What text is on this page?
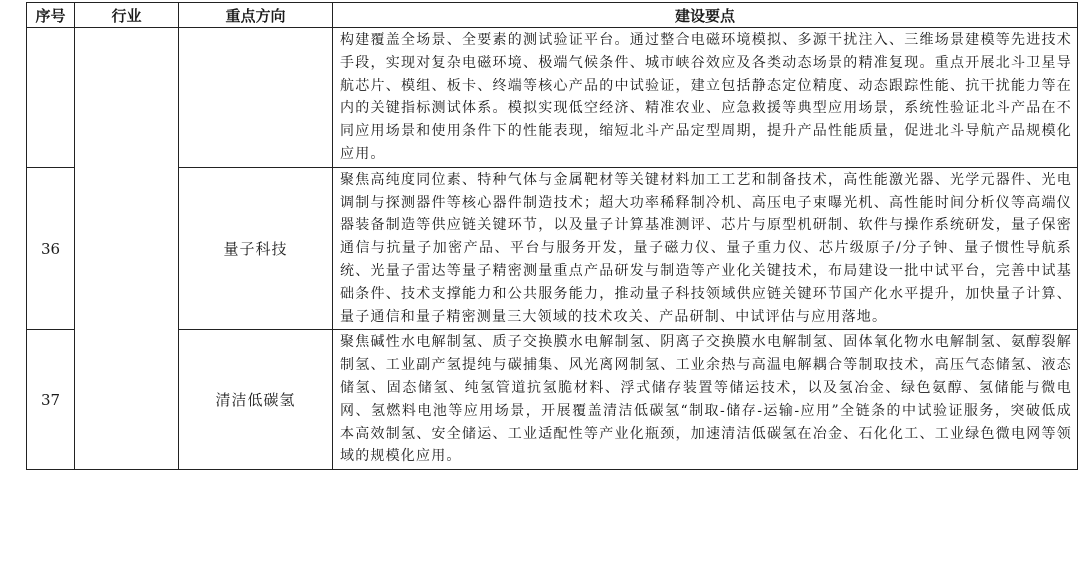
序号	行业	重点方向	建设要点
			构建覆盖全场景、全要素的测试验证平台。通过整合电磁环境模拟、多源干扰注入、三维场景建模等先进技术手段，实现对复杂电磁环境、极端气候条件、城市峡谷效应及各类动态场景的精准复现。重点开展北斗卫星导航芯片、模组、板卡、终端等核心产品的中试验证，建立包括静态定位精度、动态跟踪性能、抗干扰能力等在内的关键指标测试体系。模拟实现低空经济、精准农业、应急救援等典型应用场景，系统性验证北斗产品在不同应用场景和使用条件下的性能表现，缩短北斗产品定型周期，提升产品性能质量，促进北斗导航产品规模化应用。
36		量子科技	聚焦高纯度同位素、特种气体与金属靶材等关键材料加工工艺和制备技术，高性能激光器、光学元器件、光电调制与探测器件等核心器件制造技术；超大功率稀释制冷机、高压电子束曝光机、高性能时间分析仪等高端仪器装备制造等供应链关键环节，以及量子计算基准测评、芯片与原型机研制、软件与操作系统研发，量子保密通信与抗量子加密产品、平台与服务开发，量子磁力仪、量子重力仪、芯片级原子/分子钟、量子惯性导航系统、光量子雷达等量子精密测量重点产品研发与制造等产业化关键技术，布局建设一批中试平台，完善中试基础条件、技术支撑能力和公共服务能力，推动量子科技领域供应链关键环节国产化水平提升，加快量子计算、量子通信和量子精密测量三大领域的技术攻关、产品研制、中试评估与应用落地。
37		清洁低碳氢	聚焦碱性水电解制氢、质子交换膜水电解制氢、阴离子交换膜水电解制氢、固体氧化物水电解制氢、氨醇裂解制氢、工业副产氢提纯与碳捕集、风光离网制氢、工业余热与高温电解耦合等制取技术，高压气态储氢、液态储氢、固态储氢、纯氢管道抗氢脆材料、浮式储存装置等储运技术，以及氢冶金、绿色氨醇、氢储能与微电网、氢燃料电池等应用场景，开展覆盖清洁低碳氢“制取-储存-运输-应用”全链条的中试验证服务，突破低成本高效制氢、安全储运、工业适配性等产业化瓶颈，加速清洁低碳氢在冶金、石化化工、工业绿色微电网等领域的规模化应用。
